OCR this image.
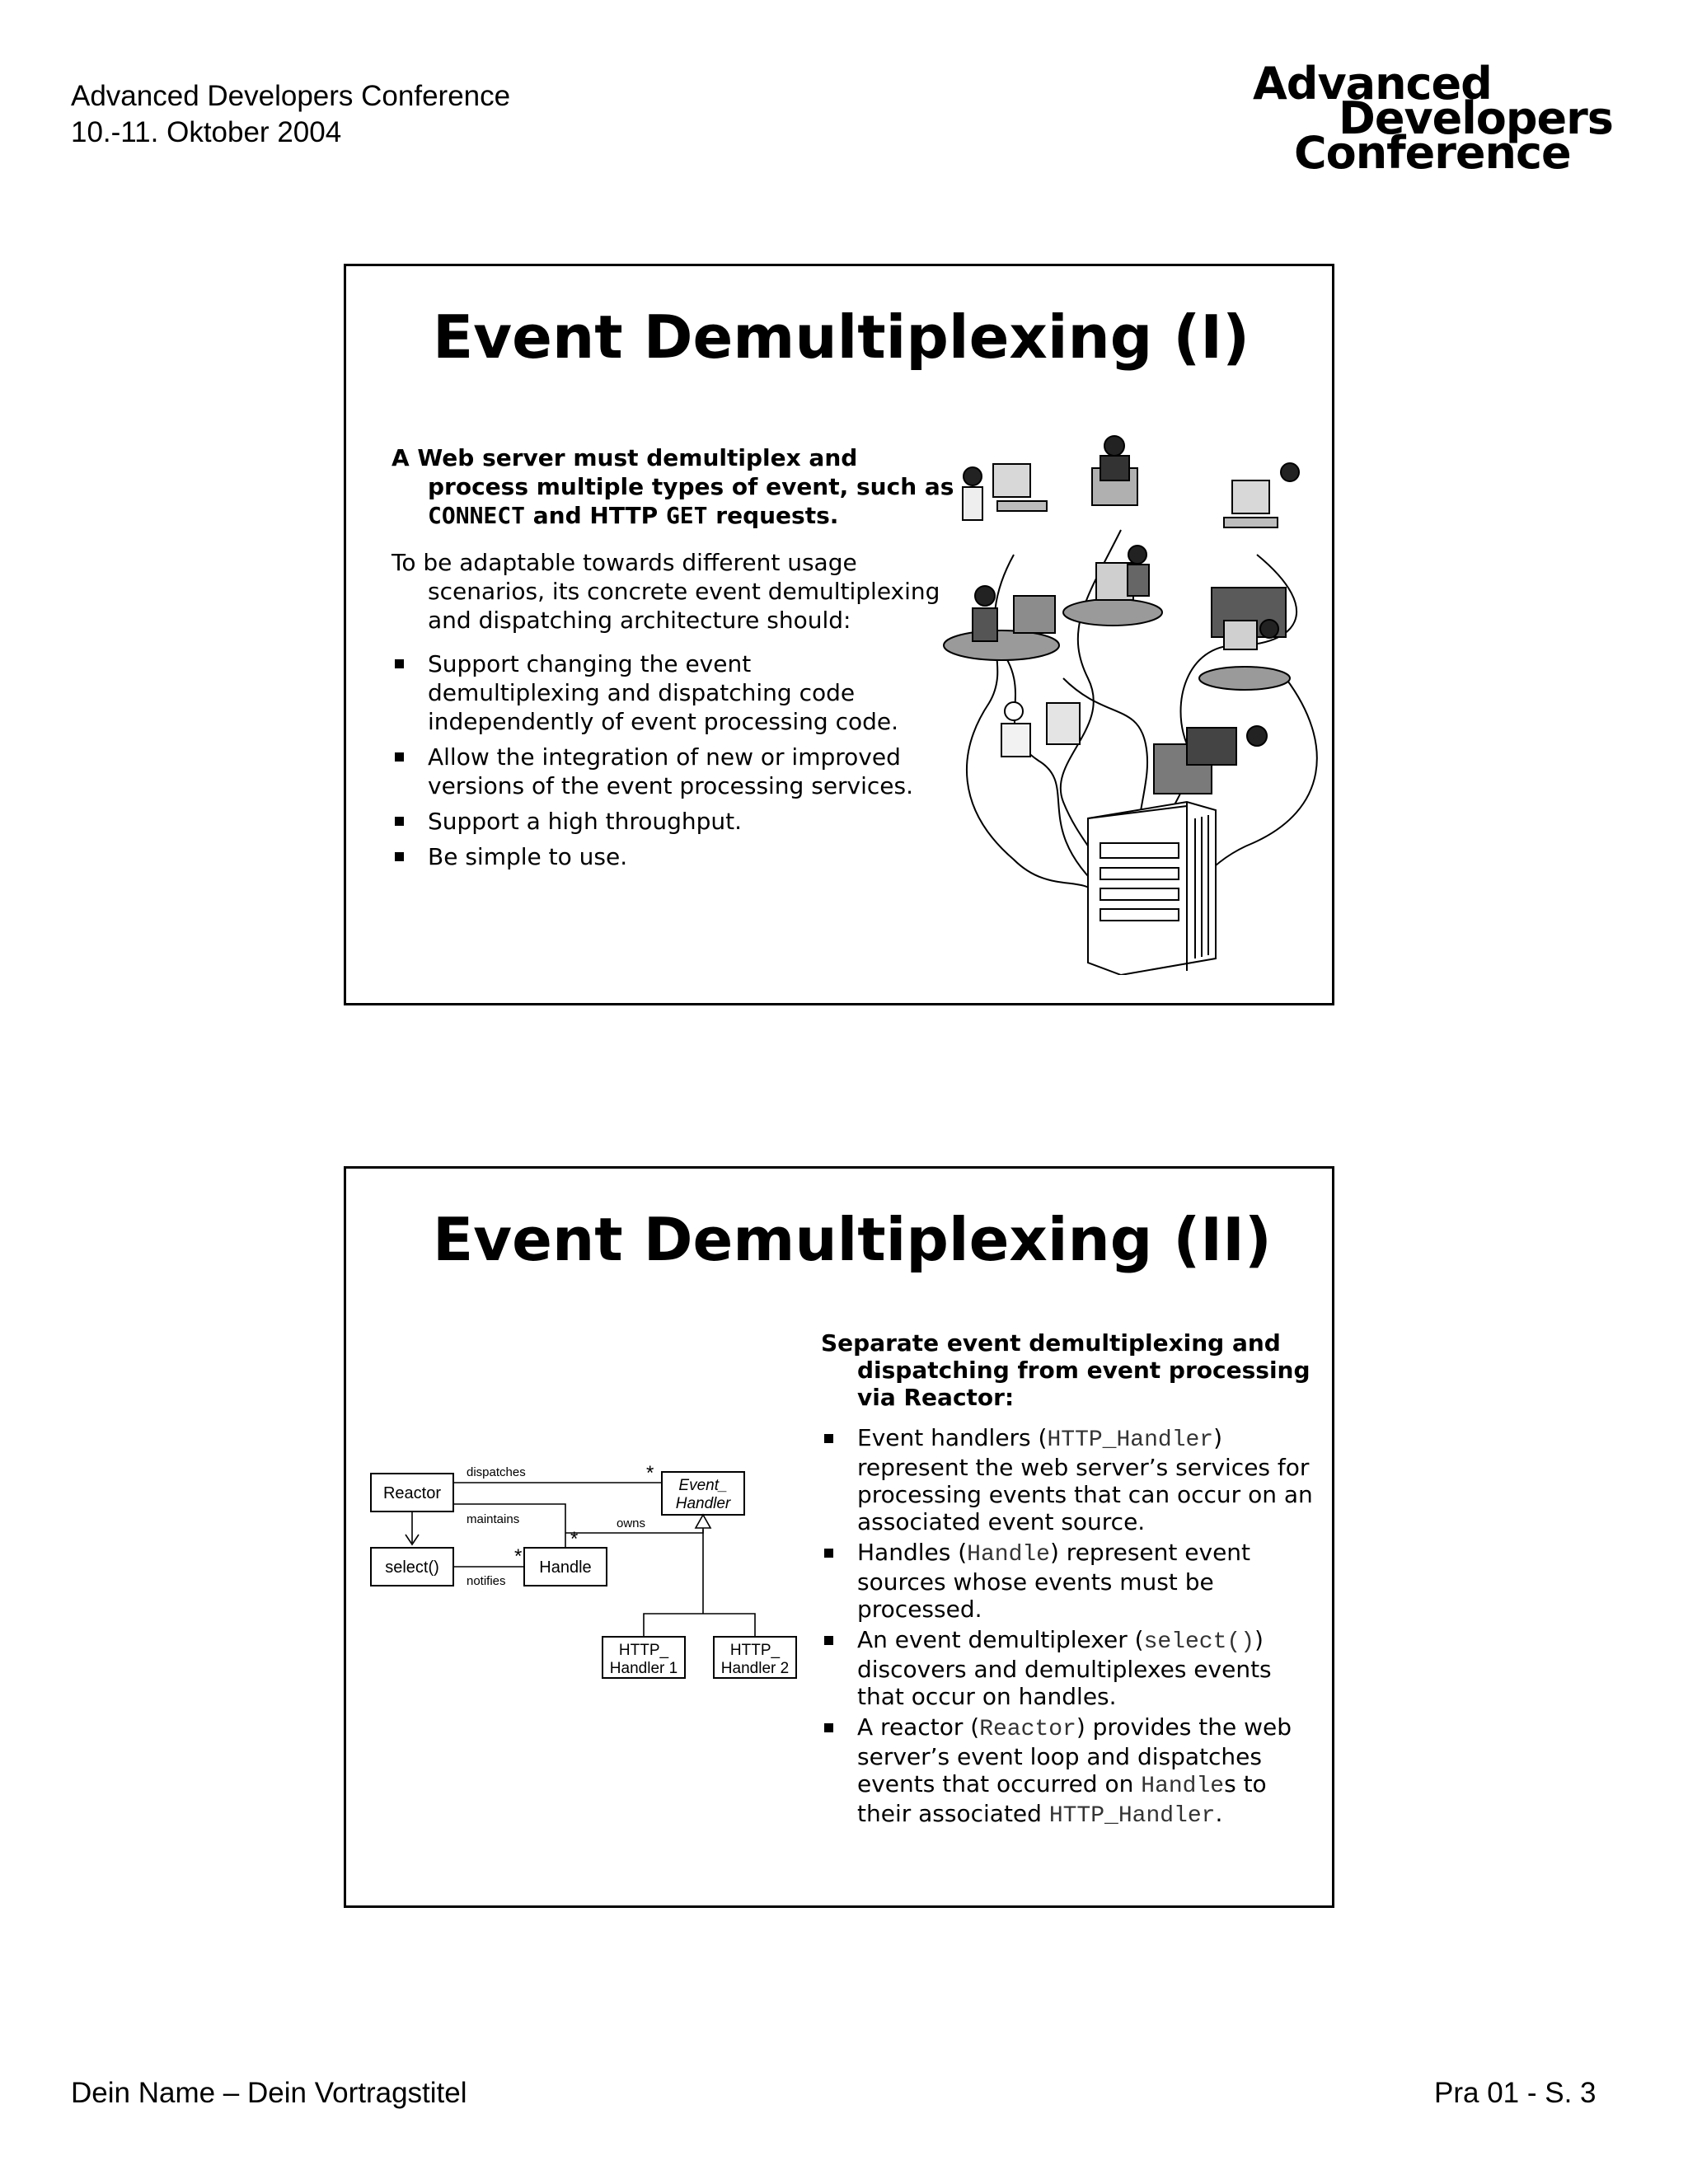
Advanced Developers Conference
10.-11. Oktober 2004
Advanced
Developers
Conference
Event Demultiplexing (I)
A Web server must demultiplex and process multiple types of event, such as CONNECT and HTTP GET requests.
To be adaptable towards different usage scenarios, its concrete event demultiplexing and dispatching architecture should:
Support changing the event demultiplexing and dispatching code independently of event processing code.
Allow the integration of new or improved versions of the event processing services.
Support a high throughput.
Be simple to use.
Event Demultiplexing (II)
Separate event demultiplexing and dispatching from event processing via Reactor:
Event handlers (HTTP_Handler) represent the web server’s services for processing events that can occur on an associated event source.
Handles (Handle) represent event sources whose events must be processed.
An event demultiplexer (select()) discovers and demultiplexes events that occur on handles.
A reactor (Reactor) provides the web server’s event loop and dispatches events that occurred on Handles to their associated HTTP_Handler.
Reactor
select()	Handle
Event_
Handler
HTTP_
Handler 1
HTTP_
Handler 2
dispatches
maintains	owns
notifies
*
*
*
Dein Name – Dein Vortragstitel	Pra 01 - S. 3
